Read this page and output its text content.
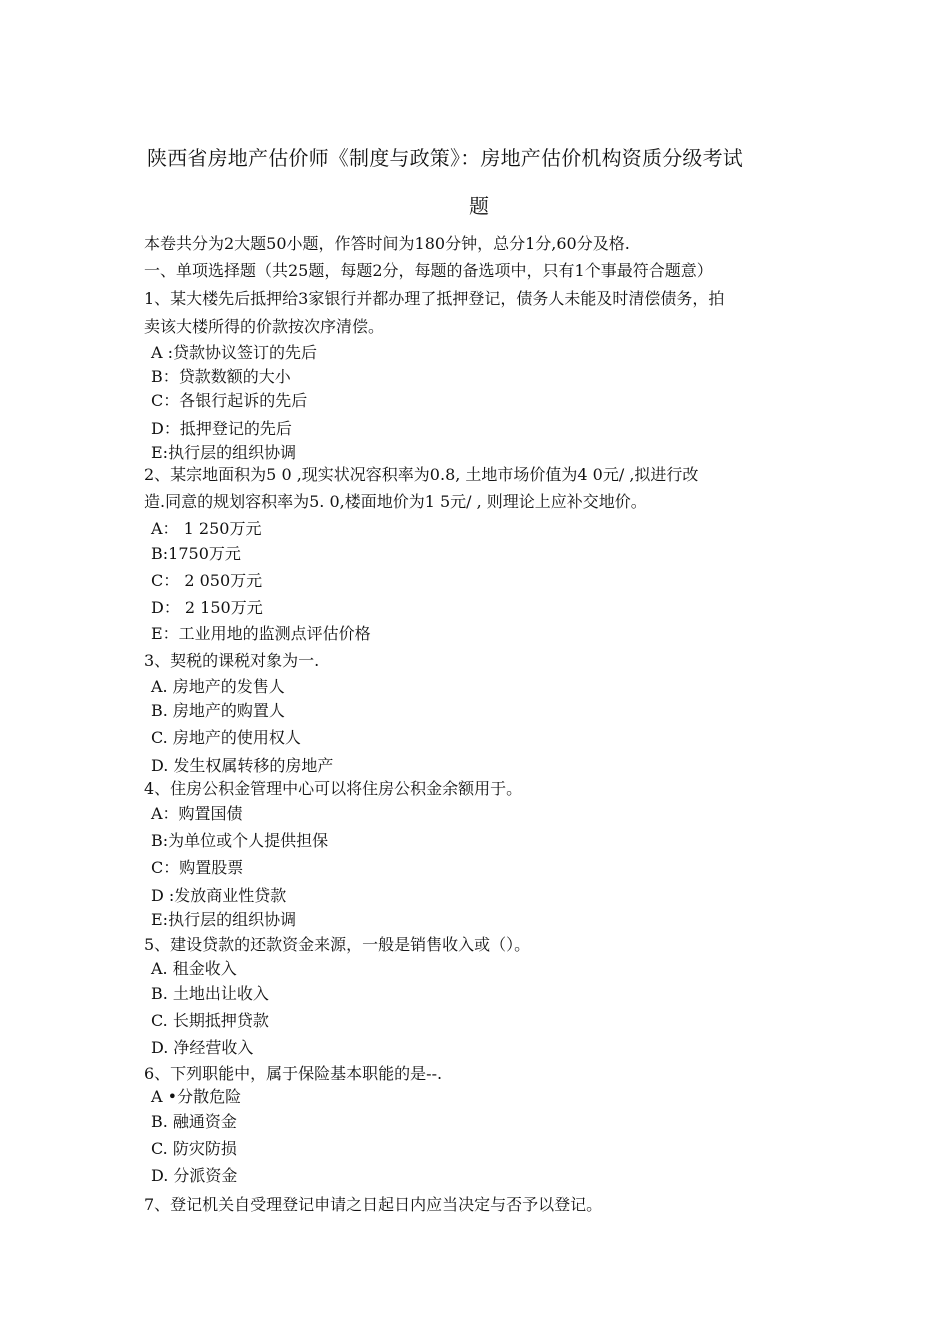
陕西省房地产估价师《制度与政策》：房地产估价机构资质分级考试
题
本卷共分为2大题50小题，作答时间为180分钟，总分1分,60分及格.
一、单项选择题（共25题，每题2分，每题的备选项中，只有1个事最符合题意）
1、某大楼先后抵押给3家银行并都办理了抵押登记，债务人未能及时清偿债务，拍
卖该大楼所得的价款按次序清偿。
A :贷款协议签订的先后
B：贷款数额的大小
C：各银行起诉的先后
D：抵押登记的先后
E:执行层的组织协调
2、某宗地面积为5 0 ,现实状况容积率为0.8, 土地市场价值为4 0元/ ,拟进行改
造.同意的规划容积率为5. 0,楼面地价为1 5元/ , 则理论上应补交地价。
A： 1 250万元
B:1750万元
C： 2 050万元
D： 2 150万元
E：工业用地的监测点评估价格
3、契税的课税对象为一.
A. 房地产的发售人
B. 房地产的购置人
C. 房地产的使用权人
D. 发生权属转移的房地产
4、住房公积金管理中心可以将住房公积金余额用于。
A：购置国债
B:为单位或个人提供担保
C：购置股票
D :发放商业性贷款
E:执行层的组织协调
5、建设贷款的还款资金来源，一般是销售收入或（）。
A. 租金收入
B. 土地出让收入
C. 长期抵押贷款
D. 净经营收入
6、下列职能中，属于保险基本职能的是--.
A •分散危险
B. 融通资金
C. 防灾防损
D. 分派资金
7、登记机关自受理登记申请之日起日内应当决定与否予以登记。
